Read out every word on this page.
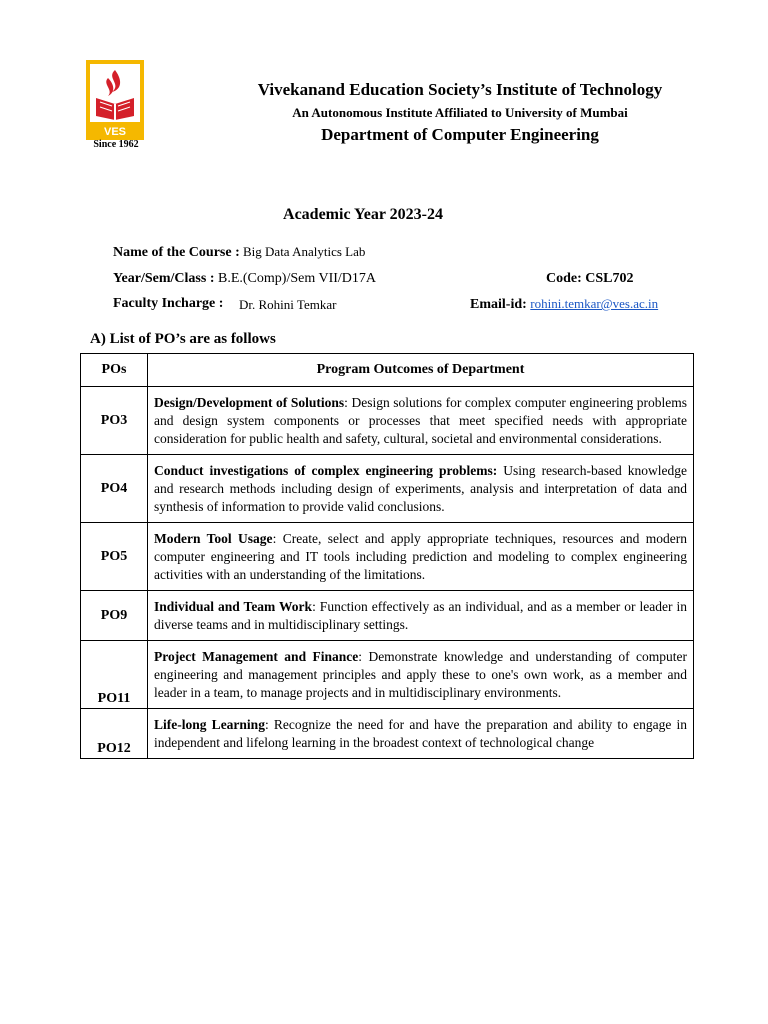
VES
Since 1962
Vivekanand Education Society’s Institute of Technology
An Autonomous Institute Affiliated to University of Mumbai
Department of Computer Engineering
Academic Year 2023-24
Name of the Course : Big Data Analytics Lab
Year/Sem/Class : B.E.(Comp)/Sem VII/D17A	Code: CSL702
Faculty Incharge : Dr. Rohini Temkar	Email-id: rohini.temkar@ves.ac.in
A) List of PO’s are as follows
POs	Program Outcomes of Department
PO3	Design/Development of Solutions: Design solutions for complex computer engineering problems and design system components or processes that meet specified needs with appropriate consideration for public health and safety, cultural, societal and environmental considerations.
PO4	Conduct investigations of complex engineering problems: Using research-based knowledge and research methods including design of experiments, analysis and interpretation of data and synthesis of information to provide valid conclusions.
PO5	Modern Tool Usage: Create, select and apply appropriate techniques, resources and modern computer engineering and IT tools including prediction and modeling to complex engineering activities with an understanding of the limitations.
PO9	Individual and Team Work: Function effectively as an individual, and as a member or leader in diverse teams and in multidisciplinary settings.
PO11	Project Management and Finance: Demonstrate knowledge and understanding of computer engineering and management principles and apply these to one's own work, as a member and leader in a team, to manage projects and in multidisciplinary environments.
PO12	Life-long Learning: Recognize the need for and have the preparation and ability to engage in independent and lifelong learning in the broadest context of technological change
